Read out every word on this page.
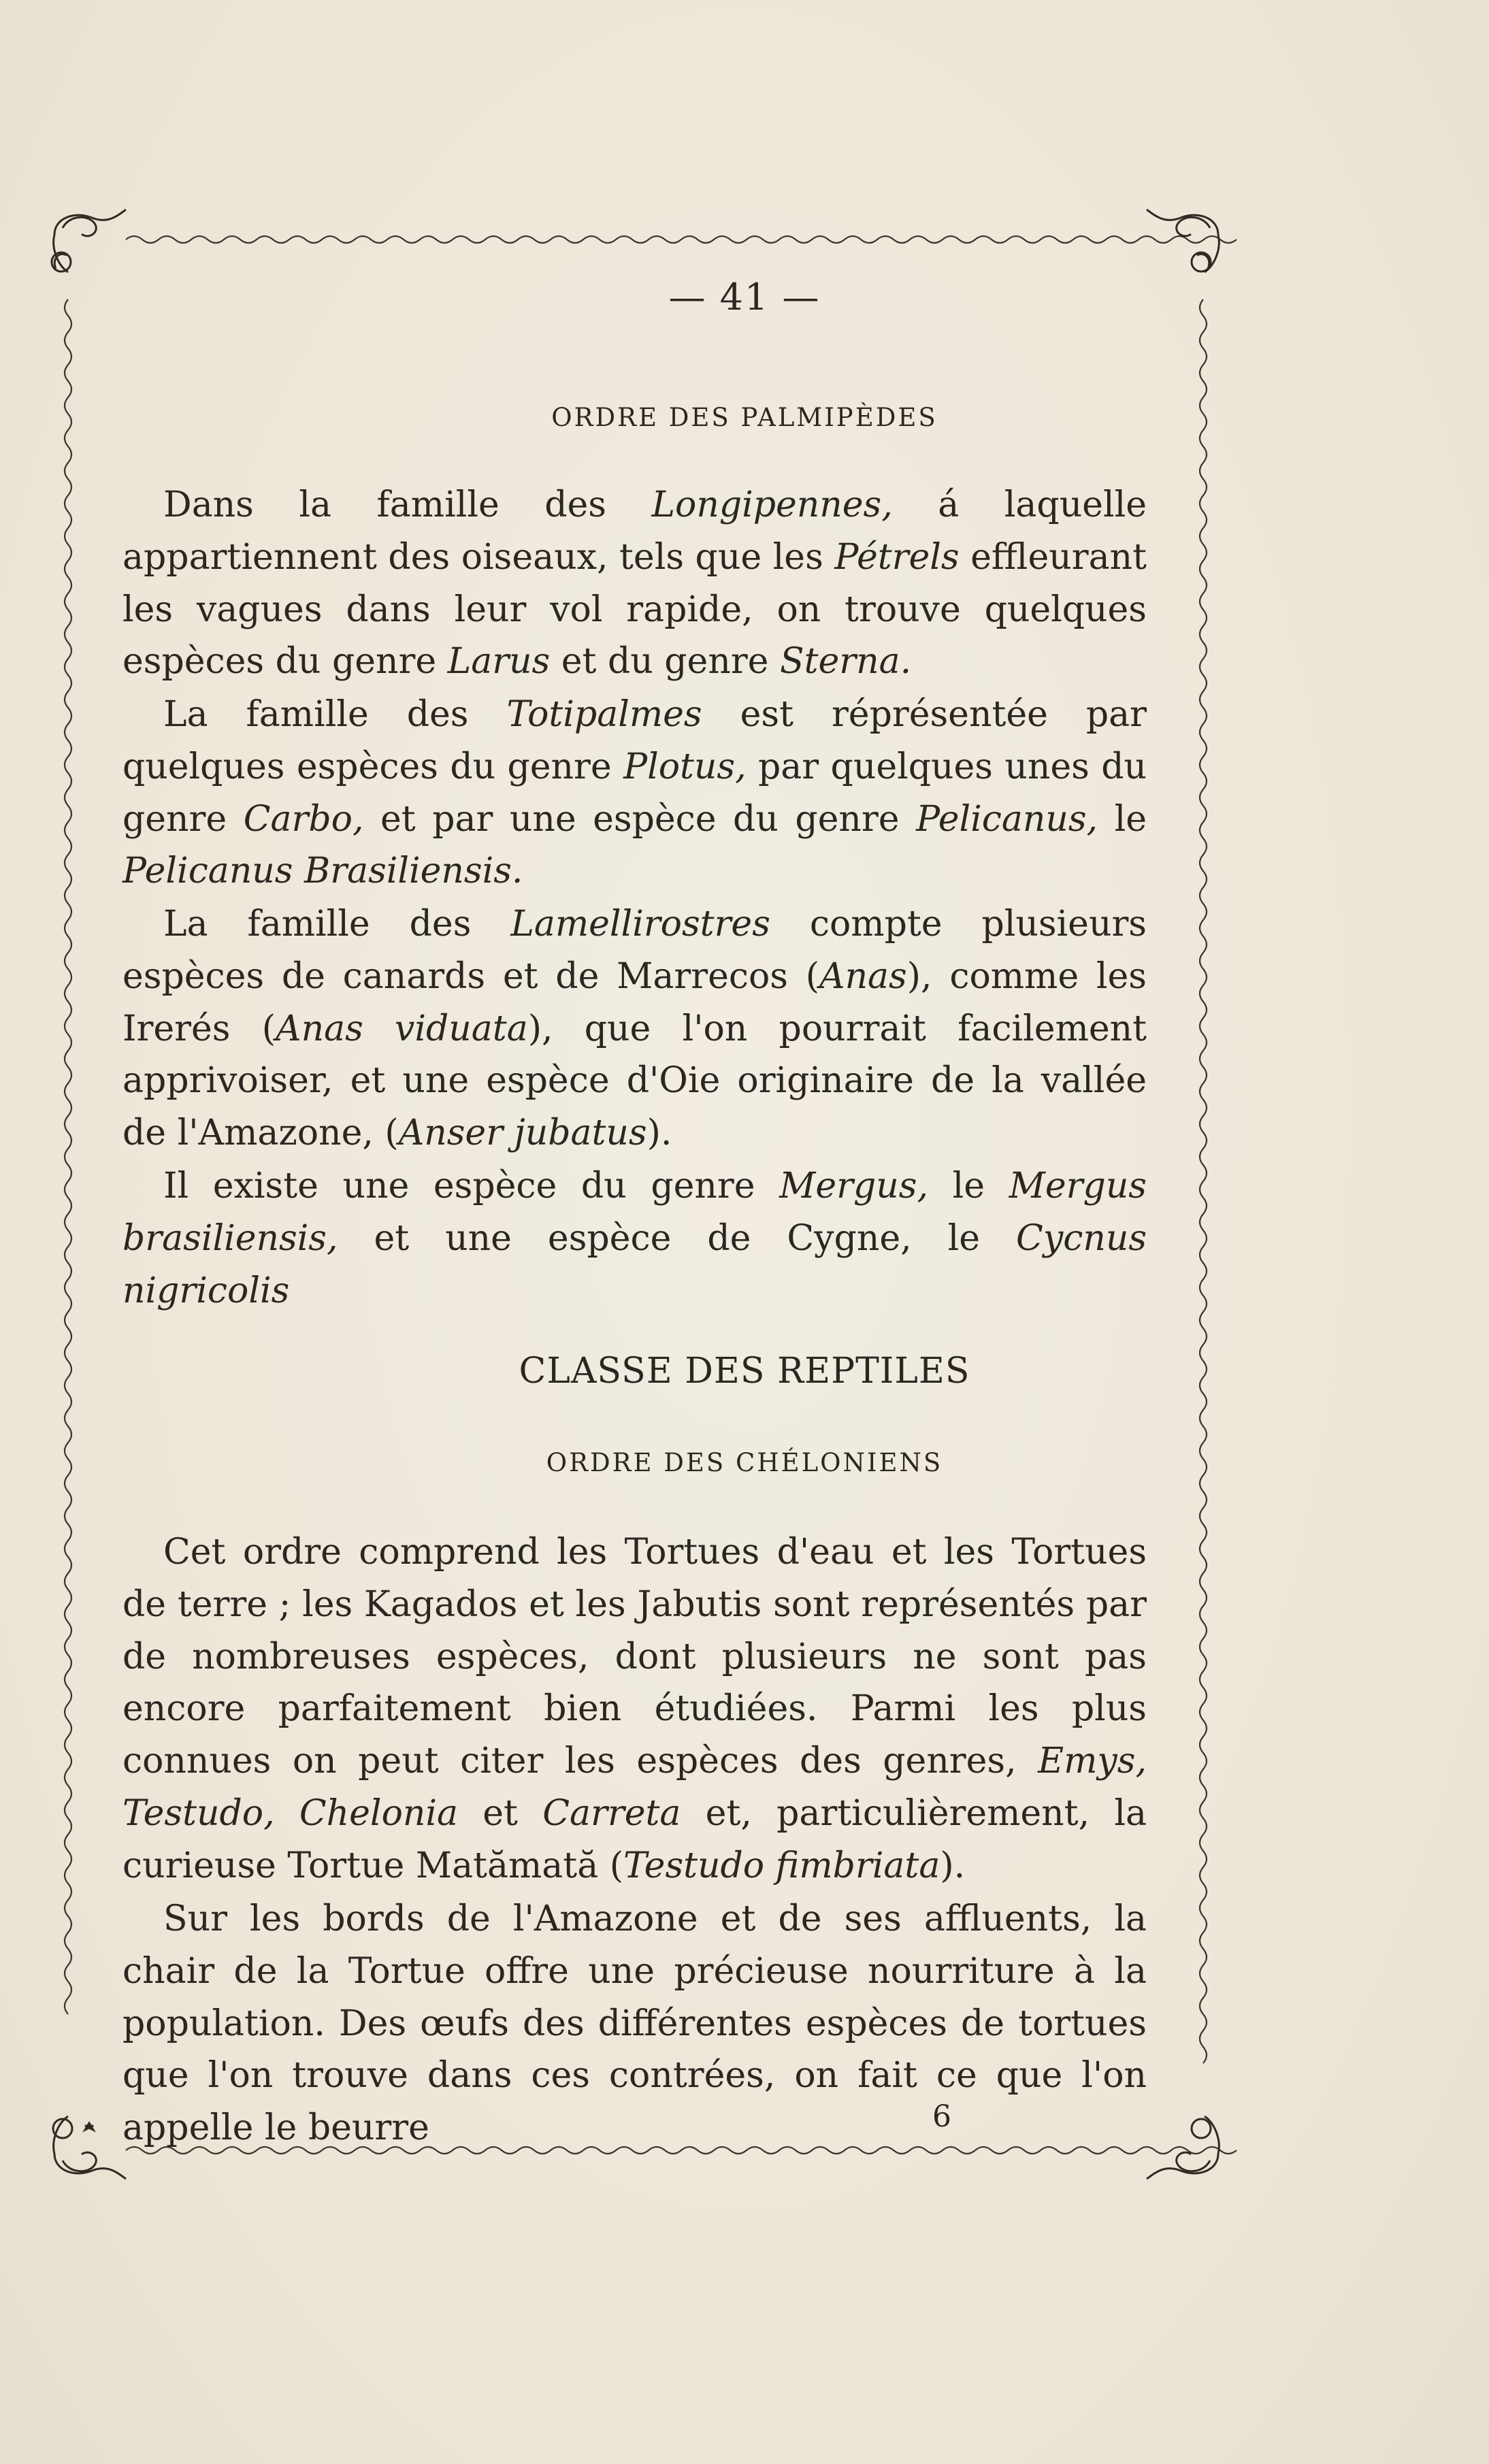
— 41 —
ORDRE DES PALMIPÈDES

Dans la famille des Longipennes, á laquelle appartiennent des oiseaux, tels que les Pétrels effleurant les vagues dans leur vol rapide, on trouve quelques espèces du genre Larus et du genre Sterna.

La famille des Totipalmes est réprésentée par quelques espèces du genre Plotus, par quelques unes du genre Carbo, et par une espèce du genre Pelicanus, le Pelicanus Brasiliensis.

La famille des Lamellirostres compte plusieurs espèces de canards et de Marrecos (Anas), comme les Irerés (Anas viduata), que l'on pourrait facilement apprivoiser, et une espèce d'Oie originaire de la vallée de l'Amazone, (Anser jubatus).

Il existe une espèce du genre Mergus, le Mergus brasiliensis, et une espèce de Cygne, le Cycnus nigricolis

CLASSE DES REPTILES
ORDRE DES CHÉLONIENS

Cet ordre comprend les Tortues d'eau et les Tortues de terre ; les Kagados et les Jabutis sont représentés par de nombreuses espèces, dont plusieurs ne sont pas encore parfaitement bien étudiées. Parmi les plus connues on peut citer les espèces des genres, Emys, Testudo, Chelonia et Carreta et, particulièrement, la curieuse Tortue Matămată (Testudo fimbriata).

Sur les bords de l'Amazone et de ses affluents, la chair de la Tortue offre une précieuse nourriture à la population. Des œufs des différentes espèces de tortues que l'on trouve dans ces contrées, on fait ce que l'on appelle le beurre	6
